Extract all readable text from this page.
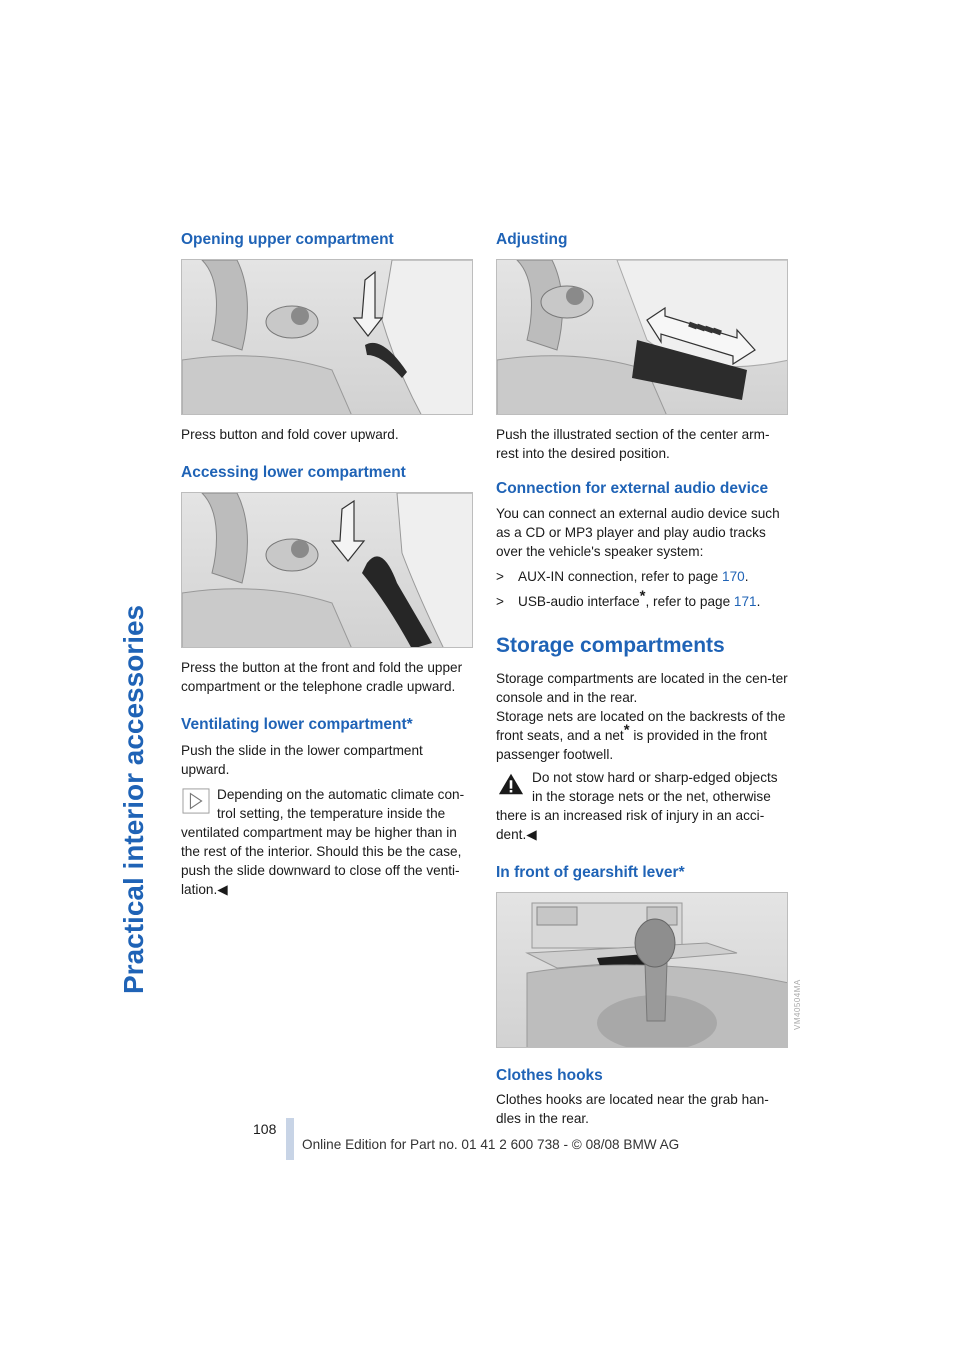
Practical interior accessories
Opening upper compartment

Press button and fold cover upward.

Accessing lower compartment

Press the button at the front and fold the upper compartment or the telephone cradle upward.

Ventilating lower compartment*

Push the slide in the lower compartment upward.

Depending on the automatic climate con-

trol setting, the temperature inside the

ventilated compartment may be higher than in the rest of the interior. Should this be the case, push the slide downward to close off the venti-lation.◀

Adjusting

Push the illustrated section of the center arm-rest into the desired position.

Connection for external audio device

You can connect an external audio device such as a CD or MP3 player and play audio tracks over the vehicle's speaker system:

>	AUX-IN connection, refer to page 170.
>	USB-audio interface*, refer to page 171.
Storage compartments

Storage compartments are located in the cen-ter console and in the rear.

Storage nets are located on the backrests of the front seats, and a net* is provided in the front passenger footwell.

Do not stow hard or sharp-edged objects

in the storage nets or the net, otherwise

there is an increased risk of injury in an acci-dent.◀

In front of gearshift lever*
Clothes hooks

Clothes hooks are located near the grab han-dles in the rear.

VM40504MA
108
Online Edition for Part no. 01 41 2 600 738 - © 08/08 BMW AG
